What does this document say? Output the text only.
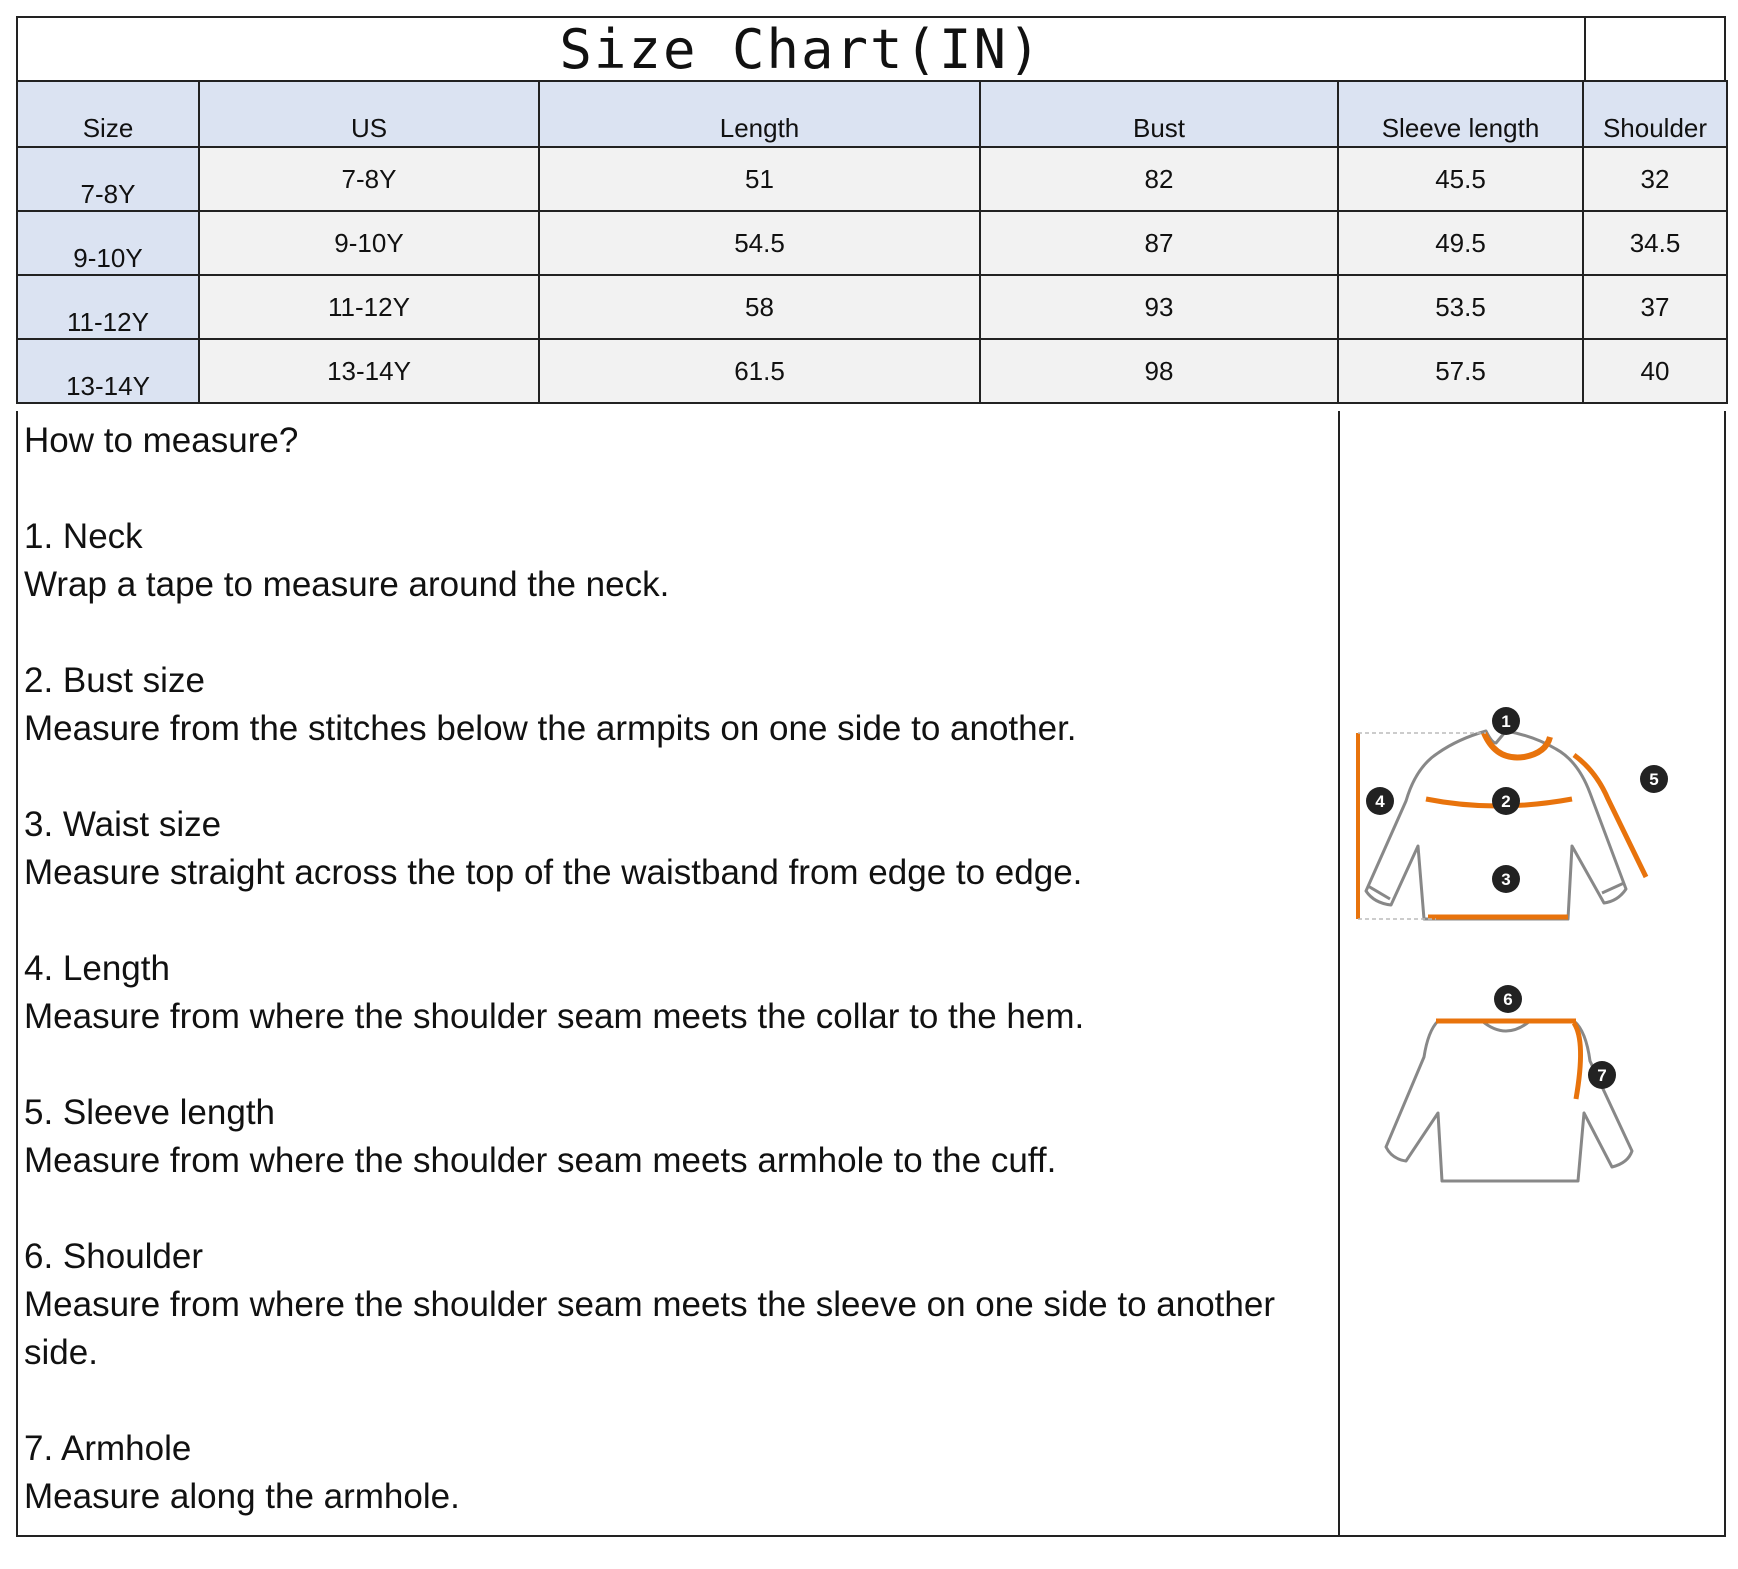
Size Chart(IN)
Size	US	Length	Bust	Sleeve length	Shoulder
7-8Y	7-8Y	51	82	45.5	32
9-10Y	9-10Y	54.5	87	49.5	34.5
11-12Y	11-12Y	58	93	53.5	37
13-14Y	13-14Y	61.5	98	57.5	40
How to measure?
1. Neck
Wrap a tape to measure around the neck.
2. Bust size
Measure from the stitches below the armpits on one side to another.
3. Waist size
Measure straight across the top of the waistband from edge to edge.
4. Length
Measure from where the shoulder seam meets the collar to the hem.
5. Sleeve length
Measure from where the shoulder seam meets armhole to the cuff.
6. Shoulder
Measure from where the shoulder seam meets the sleeve on one side to another side.
7. Armhole
Measure along the armhole.
1
2
3
4
5
6
7
